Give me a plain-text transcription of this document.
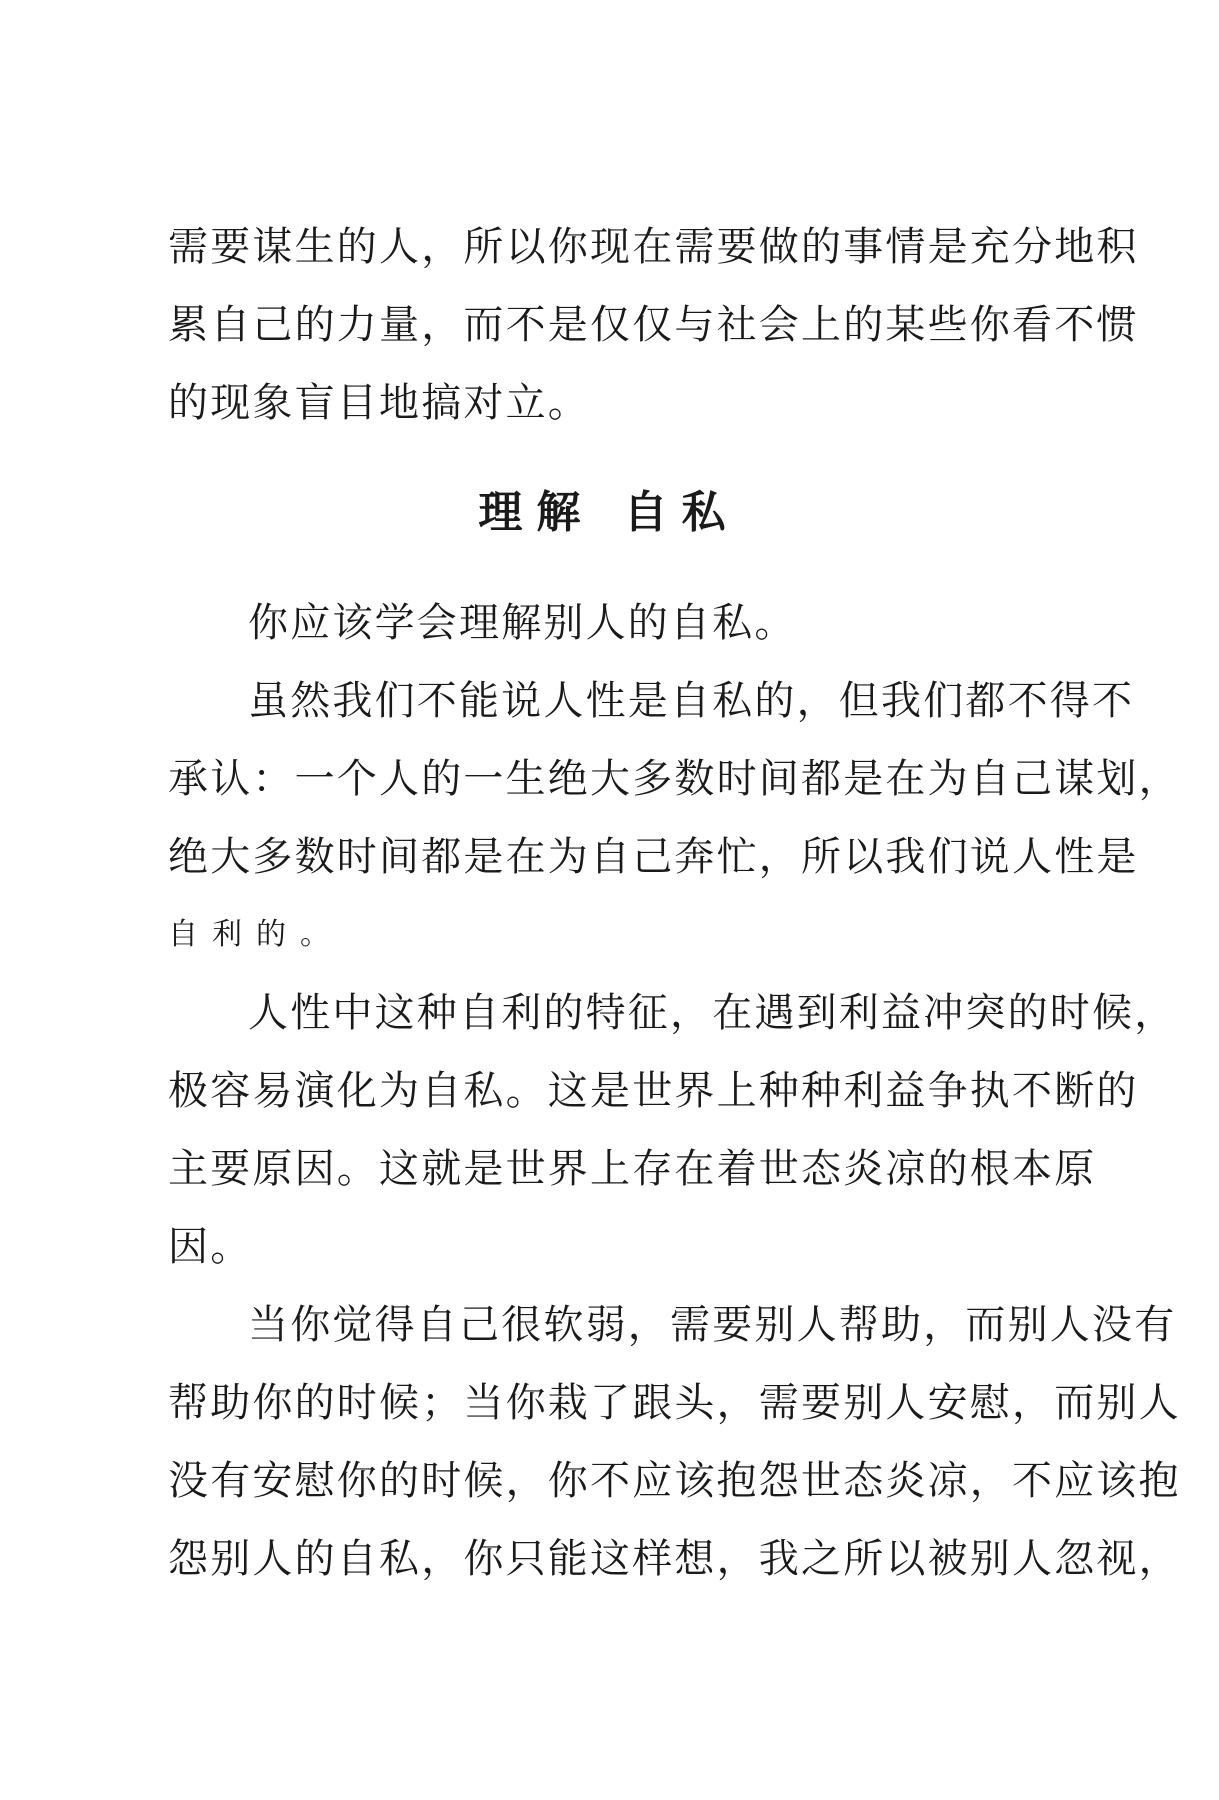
需要谋生的人，所以你现在需要做的事情是充分地积
累自己的力量，而不是仅仅与社会上的某些你看不惯
的现象盲目地搞对立。
理解 自私
你应该学会理解别人的自私。
虽然我们不能说人性是自私的，但我们都不得不
承认：一个人的一生绝大多数时间都是在为自己谋划，
绝大多数时间都是在为自己奔忙，所以我们说人性是
自利的。
人性中这种自利的特征，在遇到利益冲突的时候，
极容易演化为自私。这是世界上种种利益争执不断的
主要原因。这就是世界上存在着世态炎凉的根本原
因。
当你觉得自己很软弱，需要别人帮助，而别人没有
帮助你的时候；当你栽了跟头，需要别人安慰，而别人
没有安慰你的时候，你不应该抱怨世态炎凉，不应该抱
怨别人的自私，你只能这样想，我之所以被别人忽视，
